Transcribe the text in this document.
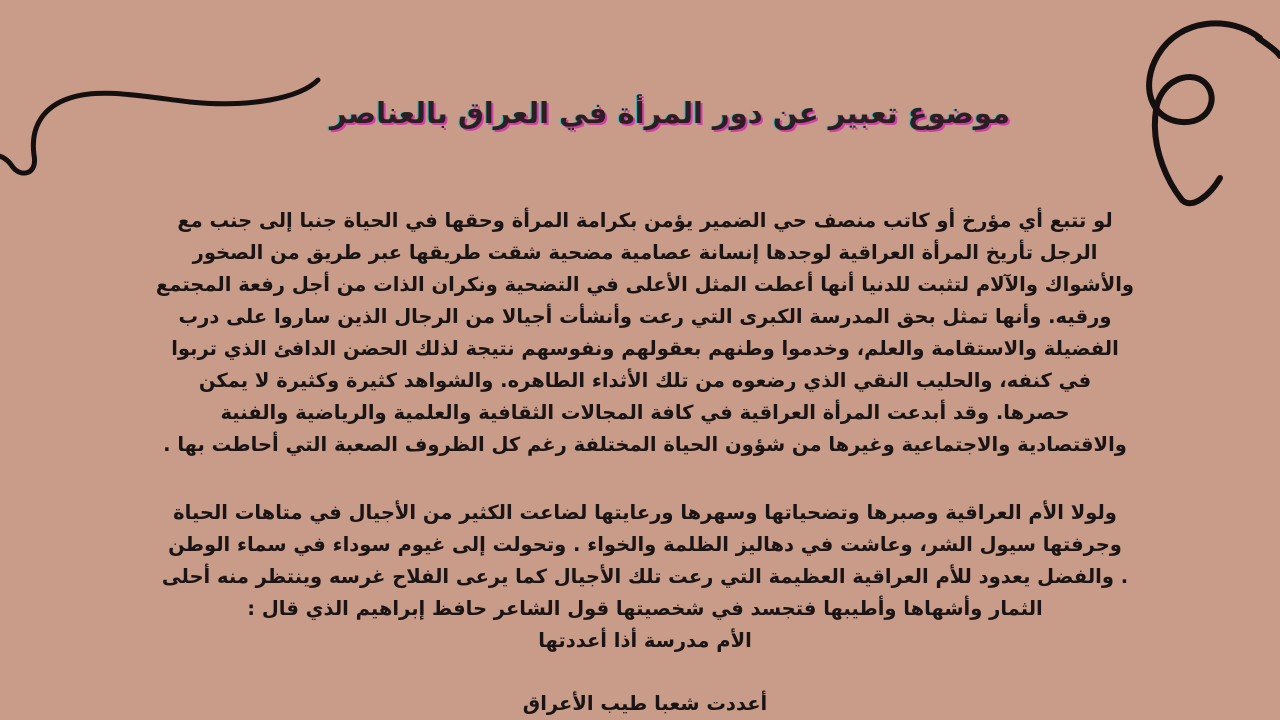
موضوع تعبير عن دور المرأة في العراق بالعناصر
لو تتبع أي مؤرخ أو كاتب منصف حي الضمير يؤمن بكرامة المرأة وحقها في الحياة جنبا إلى جنب مع
الرجل تأريخ المرأة العراقية لوجدها إنسانة عصامية مضحية شقت طريقها عبر طريق من الصخور
والأشواك والآلام لتثبت للدنيا أنها أعطت المثل الأعلى في التضحية ونكران الذات من أجل رفعة المجتمع
ورقيه. وأنها تمثل بحق المدرسة الكبرى التي رعت وأنشأت أجيالا من الرجال الذين ساروا على درب
الفضيلة والاستقامة والعلم، وخدموا وطنهم بعقولهم ونفوسهم نتيجة لذلك الحضن الدافئ الذي تربوا
في كنفه، والحليب النقي الذي رضعوه من تلك الأثداء الطاهره. والشواهد كثيرة وكثيرة لا يمكن
حصرها. وقد أبدعت المرأة العراقية في كافة المجالات الثقافية والعلمية والرياضية والفنية
والاقتصادية والاجتماعية وغيرها من شؤون الحياة المختلفة رغم كل الظروف الصعبة التي أحاطت بها .
ولولا الأم العراقية وصبرها وتضحياتها وسهرها ورعايتها لضاعت الكثير من الأجيال في متاهات الحياة
وجرفتها سيول الشر، وعاشت في دهاليز الظلمة والخواء . وتحولت إلى غيوم سوداء في سماء الوطن
. والفضل يعدود للأم العراقية العظيمة التي رعت تلك الأجيال كما يرعى الفلاح غرسه وينتظر منه أحلى
الثمار وأشهاها وأطيبها فتجسد في شخصيتها قول الشاعر حافظ إبراهيم الذي قال :
الأم مدرسة أذا أعددتها
أعددت شعبا طيب الأعراق
